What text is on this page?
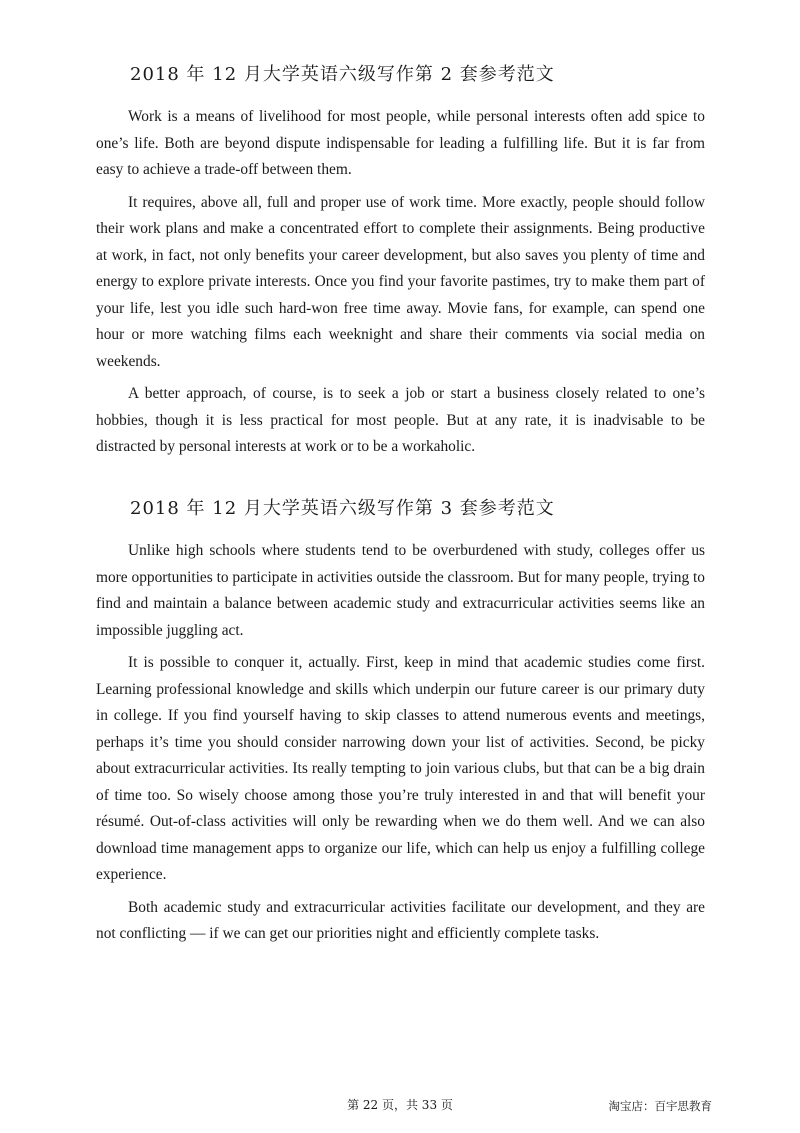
2018 年 12 月大学英语六级写作第 2 套参考范文

Work is a means of livelihood for most people, while personal interests often add spice to one’s life. Both are beyond dispute indispensable for leading a fulfilling life. But it is far from easy to achieve a trade-off between them.

It requires, above all, full and proper use of work time. More exactly, people should follow their work plans and make a concentrated effort to complete their assignments. Being productive at work, in fact, not only benefits your career development, but also saves you plenty of time and energy to explore private interests. Once you find your favorite pastimes, try to make them part of your life, lest you idle such hard-won free time away. Movie fans, for example, can spend one hour or more watching films each weeknight and share their comments via social media on weekends.

A better approach, of course, is to seek a job or start a business closely related to one’s hobbies, though it is less practical for most people. But at any rate, it is inadvisable to be distracted by personal interests at work or to be a workaholic.

2018 年 12 月大学英语六级写作第 3 套参考范文

Unlike high schools where students tend to be overburdened with study, colleges offer us more opportunities to participate in activities outside the classroom. But for many people, trying to find and maintain a balance between academic study and extracurricular activities seems like an impossible juggling act.

It is possible to conquer it, actually. First, keep in mind that academic studies come first. Learning professional knowledge and skills which underpin our future career is our primary duty in college. If you find yourself having to skip classes to attend numerous events and meetings, perhaps it’s time you should consider narrowing down your list of activities. Second, be picky about extracurricular activities. Its really tempting to join various clubs, but that can be a big drain of time too. So wisely choose among those you’re truly interested in and that will benefit your résumé. Out-of-class activities will only be rewarding when we do them well. And we can also download time management apps to organize our life, which can help us enjoy a fulfilling college experience.

Both academic study and extracurricular activities facilitate our development, and they are not conflicting — if we can get our priorities night and efficiently complete tasks.

第 22 页，共 33 页	淘宝店：百宇思教育
